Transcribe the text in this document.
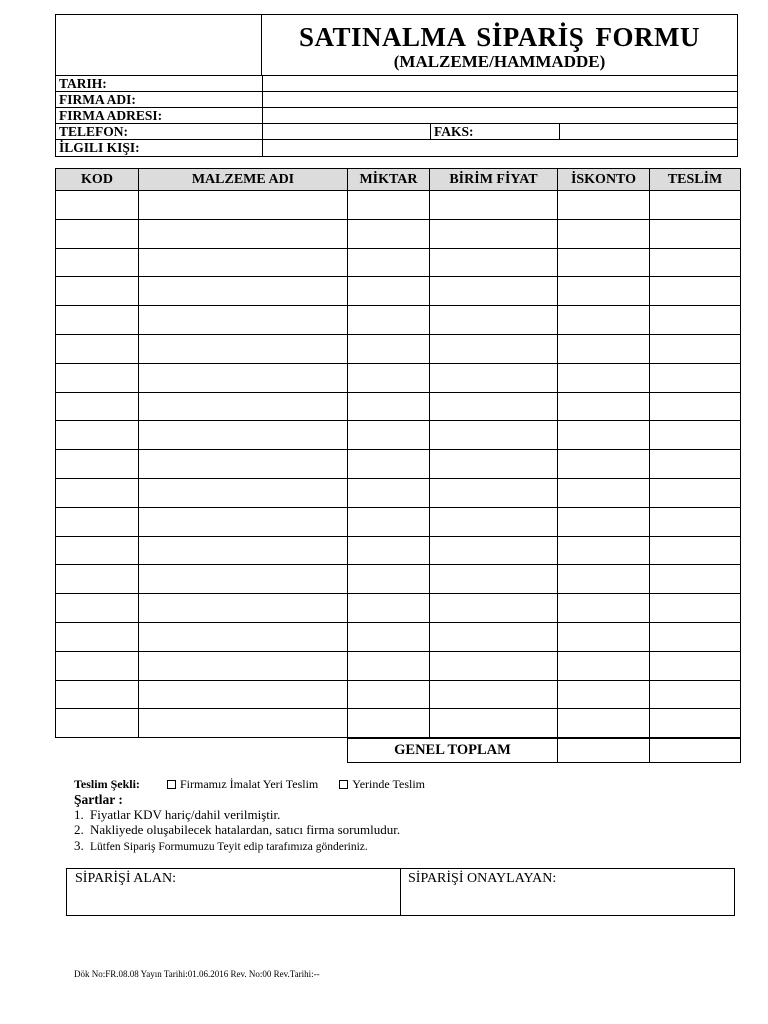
SATINALMA SİPARİŞ FORMU
(MALZEME/HAMMADDE)
TARIH:
FIRMA ADI:
FIRMA ADRESI:
TELEFON:	FAKS:
İLGILI KIŞI:
KOD	MALZEME ADI	MİKTAR	BİRİM FİYAT	İSKONTO	TESLİM

GENEL TOPLAM		
Teslim Şekli:	Firmamız İmalat Yeri Teslim	Yerinde Teslim
Şartlar :
1. Fiyatlar KDV hariç/dahil verilmiştir.
2. Nakliyede oluşabilecek hatalardan, satıcı firma sorumludur.
3. Lütfen Sipariş Formumuzu Teyit edip tarafımıza gönderiniz.
SİPARİŞİ ALAN:	SİPARİŞİ ONAYLAYAN:
Dök No:FR.08.08 Yayın Tarihi:01.06.2016 Rev. No:00 Rev.Tarihi:--
